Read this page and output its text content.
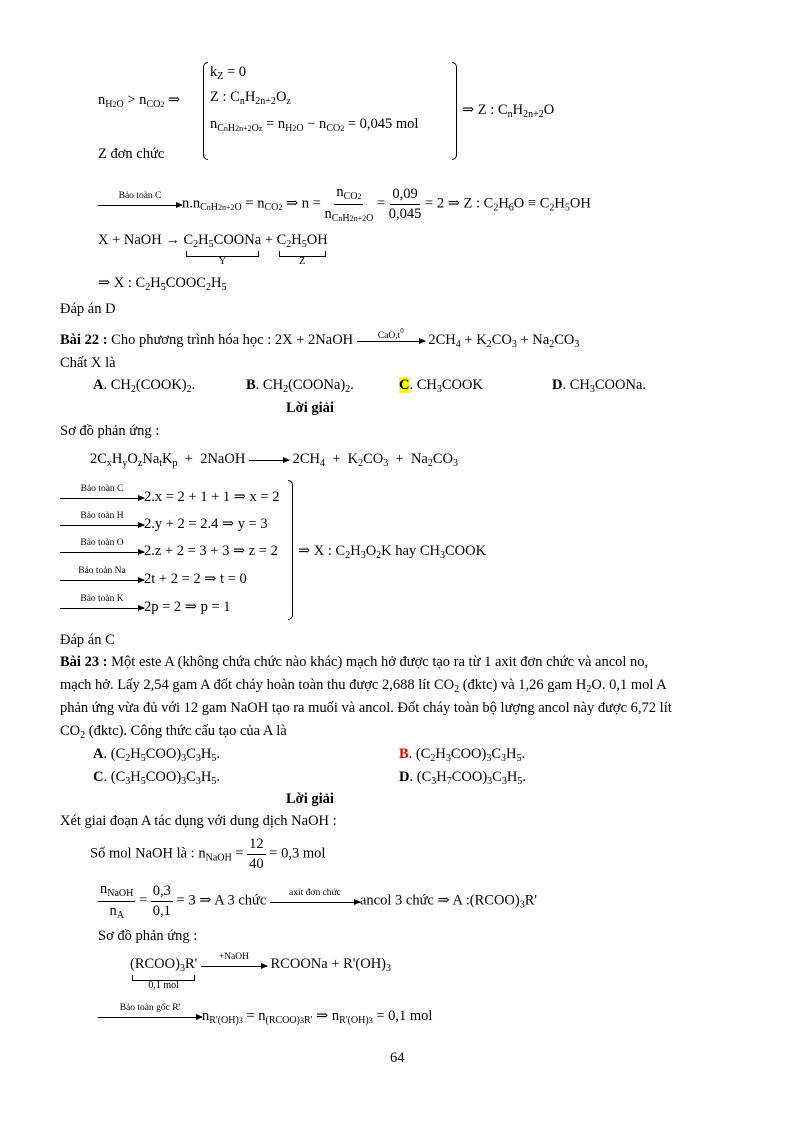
$n_{H2O} > n_{CO2}$ ⇒
$k_Z = 0$
Z : $C_nH_{2n+2}O_z$
$n_{CnH2n+2Oz} = n_{H2O} - n_{CO2} = 0,045$ mol
⇒ Z : $C_nH_{2n+2}O$
Z đơn chức
Bảo toàn C	$n.n_{CnH2n+2O} = n_{CO2}$ ⇒ $n = \frac{n_{CO2}}{n_{CnH2n+2O}} = \frac{0,09}{0,045} = 2$ ⇒ Z : $C_2H_6O \equiv C_2H_5OH$
X + NaOH → $C_2H_5COONa$
Y
+ $C_2H_5OH$
Z
⇒ X : $C_2H_5COOC_2H_5$
Đáp án D
Bài 22 : Cho phương trình hóa học : 2X + 2NaOH	$CaO,t^0$
$2CH_4 + K_2CO_3 + Na_2CO_3$
Chất X là
A. $CH_2(COOK)_2$.	B. $CH_2(COONa)_2$.	C. $CH_3COOK$	D. $CH_3COONa$.
Lời giải
Sơ đồ phản ứng :
$2C_xH_yO_zNa_tK_p$  +  2NaOH	$2CH_4 + K_2CO_3 + Na_2CO_3$
Bảo toàn C	2.x = 2 + 1 + 1 ⇒ x = 2
Bảo toàn H	2.y + 2 = 2.4 ⇒ y = 3
Bảo toàn O	2.z + 2 = 3 + 3 ⇒ z = 2
Bảo toàn Na	2t + 2 = 2 ⇒ t = 0
Bảo toàn K	2p = 2 ⇒ p = 1
⇒ X : $C_2H_3O_2K$ hay $CH_3COOK$
Đáp án C
Bài 23 : Một este A (không chứa chức nào khác) mạch hở được tạo ra từ 1 axit đơn chức và ancol no,
mạch hở. Lấy 2,54 gam A đốt cháy hoàn toàn thu được 2,688 lít $CO_2$ (đktc) và 1,26 gam $H_2O$. 0,1 mol A
phản ứng vừa đủ với 12 gam NaOH tạo ra muối và ancol. Đốt cháy toàn bộ lượng ancol này được 6,72 lít
$CO_2$ (đktc). Công thức cấu tạo của A là
A. $(C_2H_5COO)_3C_3H_5$.	B. $(C_2H_3COO)_3C_3H_5$.
C. $(C_3H_5COO)_3C_3H_5$.	D. $(C_3H_7COO)_3C_3H_5$.
Lời giải
Xét giai đoạn A tác dụng với dung dịch NaOH :
Số mol NaOH là : $n_{NaOH} = \frac{12}{40} = 0,3$ mol
$\frac{n_{NaOH}}{n_A} = \frac{0,3}{0,1} = 3$ ⇒ A 3 chức	axit đơn chức	ancol 3 chức ⇒ A $:(RCOO)_3R'$
Sơ đồ phản ứng :
$(RCOO)_3R'$
0,1 mol

+NaOH	RCOONa + $R'(OH)_3$
Bảo toàn gốc R'	$n_{R'(OH)3} = n_{(RCOO)3R'}$ ⇒ $n_{R'(OH)3} = 0,1$ mol
64
